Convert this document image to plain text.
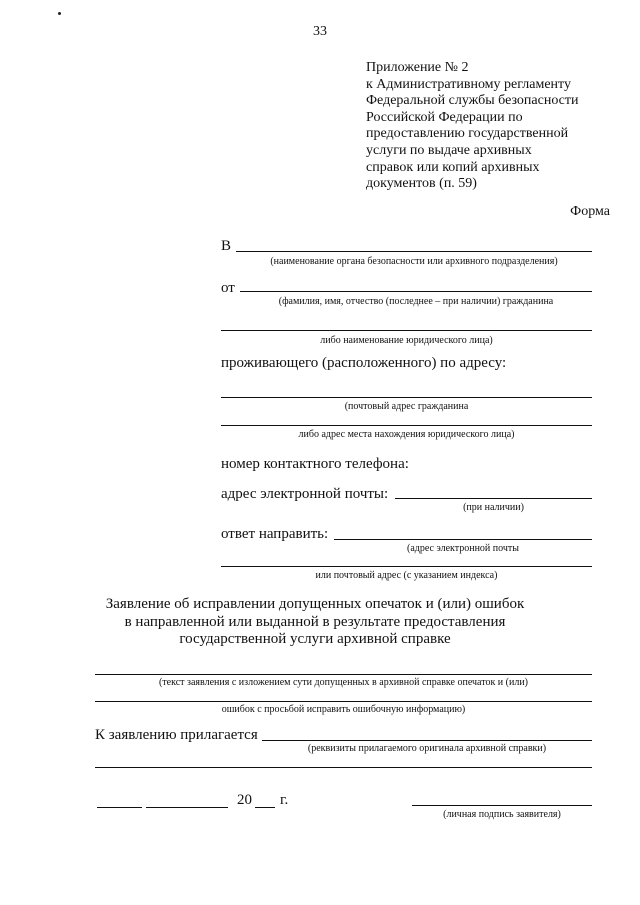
33
Приложение № 2
к Административному регламенту
Федеральной службы безопасности
Российской Федерации по
предоставлению государственной
услуги по выдаче архивных
справок или копий архивных
документов (п. 59)
Форма
В
(наименование органа безопасности или архивного подразделения)
от
(фамилия, имя, отчество (последнее – при наличии) гражданина
либо наименование юридического лица)
проживающего (расположенного) по адресу:
(почтовый адрес гражданина
либо адрес места нахождения юридического лица)
номер контактного телефона:
адрес электронной почты:
(при наличии)
ответ направить:
(адрес электронной почты
или почтовый адрес (с указанием индекса)
Заявление об исправлении допущенных опечаток и (или) ошибок
в направленной или выданной в результате предоставления
государственной услуги архивной справке
(текст заявления с изложением сути допущенных в архивной справке опечаток и (или)
ошибок с просьбой исправить ошибочную информацию)
К заявлению прилагается
(реквизиты прилагаемого оригинала архивной справки)
20 г.
(личная подпись заявителя)
